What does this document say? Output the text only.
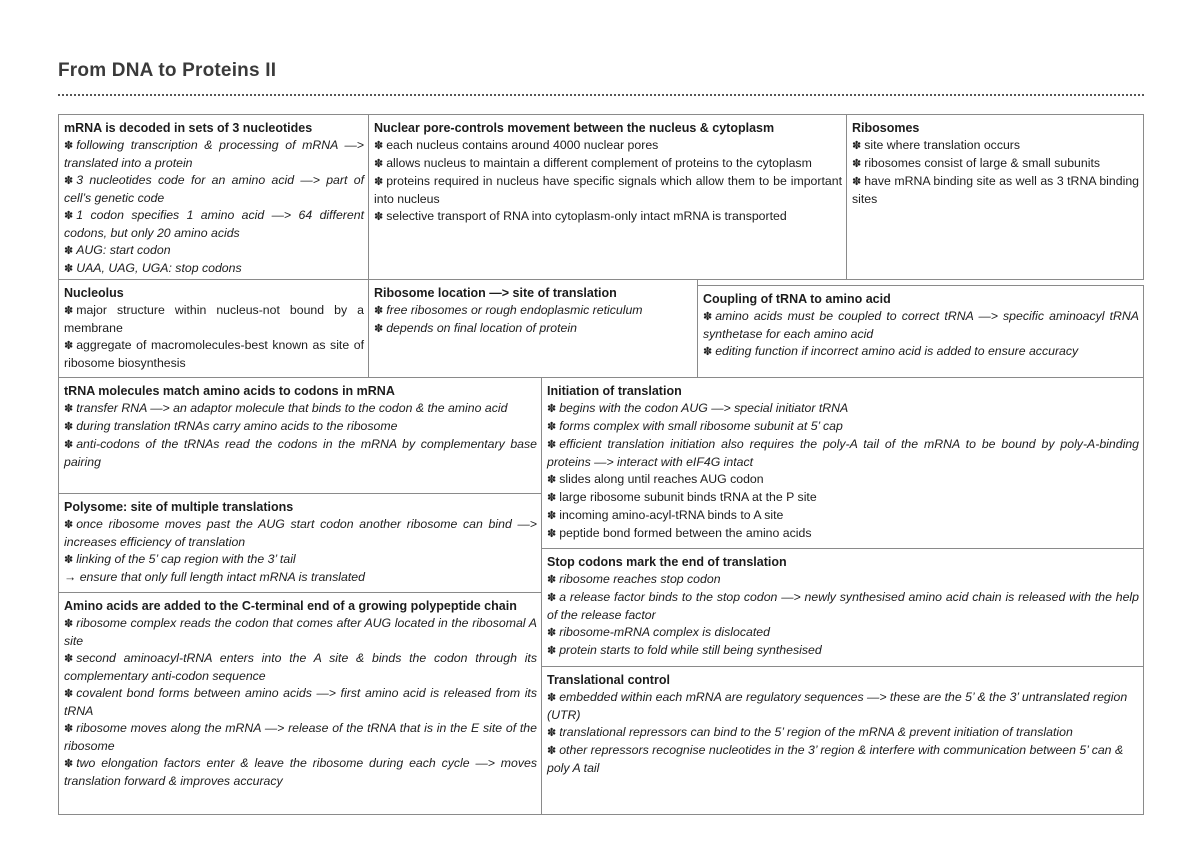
From DNA to Proteins II
mRNA is decoded in sets of 3 nucleotides
✽ following transcription & processing of mRNA —> translated into a protein
✽ 3 nucleotides code for an amino acid —> part of cell’s genetic code
✽ 1 codon specifies 1 amino acid —> 64 different codons, but only 20 amino acids
✽ AUG: start codon
✽ UAA, UAG, UGA: stop codons
Nuclear pore-controls movement between the nucleus & cytoplasm
✽ each nucleus contains around 4000 nuclear pores
✽ allows nucleus to maintain a different complement of proteins to the cytoplasm
✽ proteins required in nucleus have specific signals which allow them to be important into nucleus
✽ selective transport of RNA into cytoplasm-only intact mRNA is transported
Ribosomes
✽ site where translation occurs
✽ ribosomes consist of large & small subunits
✽ have mRNA binding site as well as 3 tRNA binding sites
Nucleolus
✽ major structure within nucleus-not bound by a membrane
✽ aggregate of macromolecules-best known as site of ribosome biosynthesis
Ribosome location —> site of translation
✽ free ribosomes or rough endoplasmic reticulum
✽ depends on final location of protein
Coupling of tRNA to amino acid
✽ amino acids must be coupled to correct tRNA —> specific aminoacyl tRNA synthetase for each amino acid
✽ editing function if incorrect amino acid is added to ensure accuracy
tRNA molecules match amino acids to codons in mRNA
✽ transfer RNA —> an adaptor molecule that binds to the codon & the amino acid
✽ during translation tRNAs carry amino acids to the ribosome
✽ anti-codons of the tRNAs read the codons in the mRNA by complementary base pairing
Polysome: site of multiple translations
✽ once ribosome moves past the AUG start codon another ribosome can bind —> increases efficiency of translation
✽ linking of the 5’ cap region with the 3’ tail
→ ensure that only full length intact mRNA is translated
Amino acids are added to the C-terminal end of a growing polypeptide chain
✽ ribosome complex reads the codon that comes after AUG located in the ribosomal A site
✽ second aminoacyl-tRNA enters into the A site & binds the codon through its complementary anti-codon sequence
✽ covalent bond forms between amino acids —> first amino acid is released from its tRNA
✽ ribosome moves along the mRNA —> release of the tRNA that is in the E site of the ribosome
✽ two elongation factors enter & leave the ribosome during each cycle —> moves translation forward & improves accuracy
Initiation of translation
✽ begins with the codon AUG —> special initiator tRNA
✽ forms complex with small ribosome subunit at 5’ cap
✽ efficient translation initiation also requires the poly-A tail of the mRNA to be bound by poly-A-binding proteins —> interact with eIF4G intact
✽ slides along until reaches AUG codon
✽ large ribosome subunit binds tRNA at the P site
✽ incoming amino-acyl-tRNA binds to A site
✽ peptide bond formed between the amino acids
Stop codons mark the end of translation
✽ ribosome reaches stop codon
✽ a release factor binds to the stop codon —> newly synthesised amino acid chain is released with the help of the release factor
✽ ribosome-mRNA complex is dislocated
✽ protein starts to fold while still being synthesised
Translational control
✽ embedded within each mRNA are regulatory sequences —> these are the 5’ & the 3’ untranslated region (UTR)
✽ translational repressors can bind to the 5’ region of the mRNA & prevent initiation of translation
✽ other repressors recognise nucleotides in the 3’ region & interfere with communication between 5’ can & poly A tail
